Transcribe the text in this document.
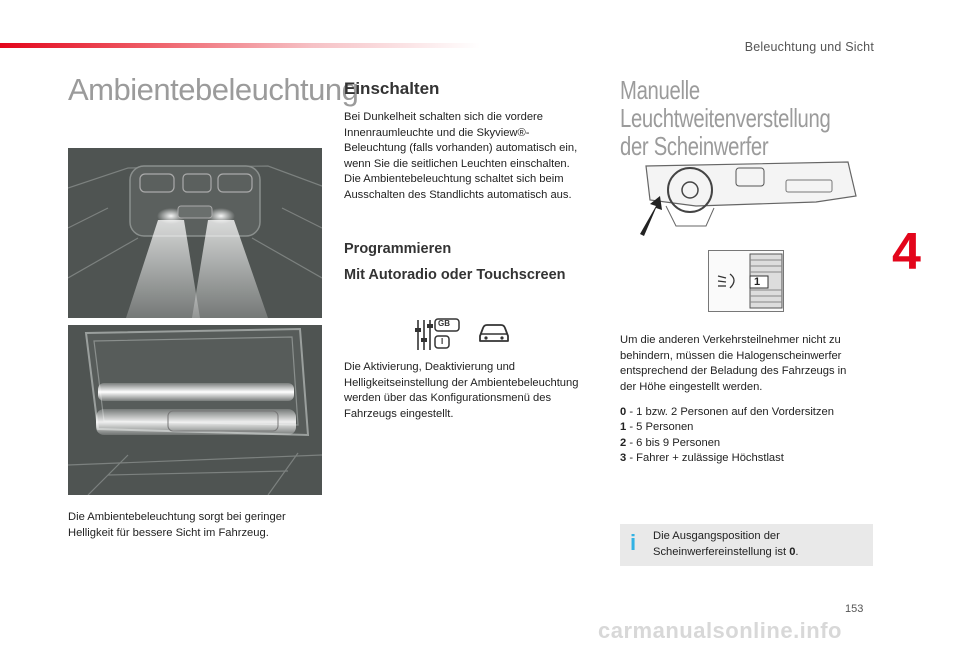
Beleuchtung und Sicht
4
Ambientebeleuchtung
Die Ambientebeleuchtung sorgt bei geringer
Helligkeit für bessere Sicht im Fahrzeug.
Einschalten
Bei Dunkelheit schalten sich die vordere
Innenraumleuchte und die Skyview®-
Beleuchtung (falls vorhanden) automatisch ein,
wenn Sie die seitlichen Leuchten einschalten.
Die Ambientebeleuchtung schaltet sich beim
Ausschalten des Standlichts automatisch aus.
Programmieren
Mit Autoradio oder Touchscreen
GB
I
Die Aktivierung, Deaktivierung und
Helligkeitseinstellung der Ambientebeleuchtung
werden über das Konfigurationsmenü des
Fahrzeugs eingestellt.
Manuelle Leuchtweitenverstellung
der Scheinwerfer
1
Um die anderen Verkehrsteilnehmer nicht zu
behindern, müssen die Halogenscheinwerfer
entsprechend der Beladung des Fahrzeugs in
der Höhe eingestellt werden.
0 - 1 bzw. 2 Personen auf den Vordersitzen
1 - 5 Personen
2 - 6 bis 9 Personen
3 - Fahrer + zulässige Höchstlast
i Die Ausgangsposition der
Scheinwerfereinstellung ist 0.
153
carmanualsonline.info
